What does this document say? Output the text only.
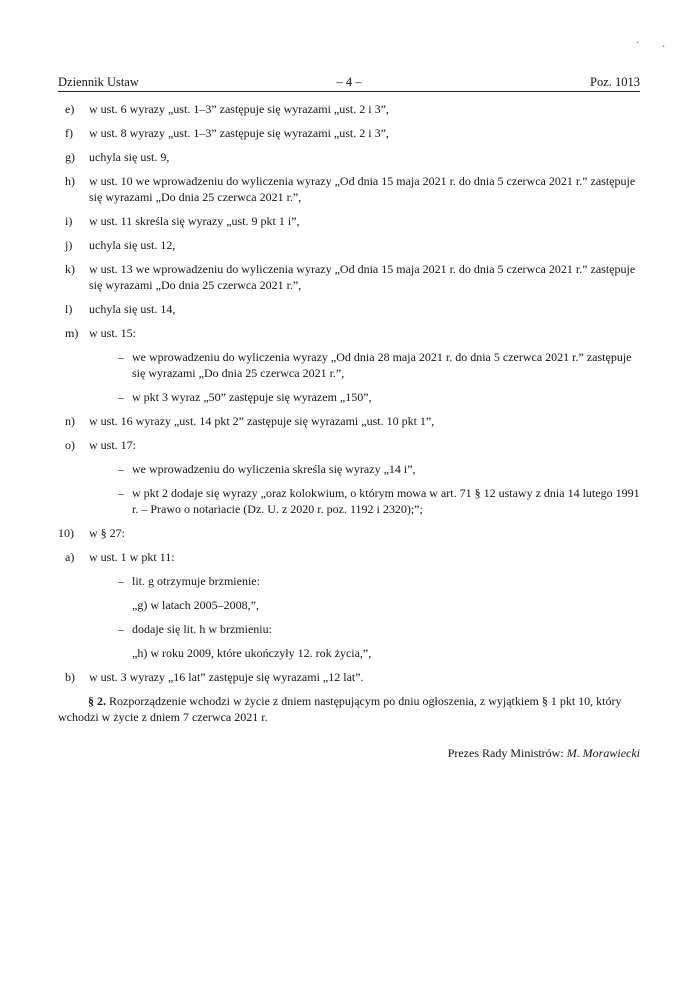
· ·
Dziennik Ustaw	– 4 –	Poz. 1013
e) w ust. 6 wyrazy „ust. 1–3” zastępuje się wyrazami „ust. 2 i 3”,
f) w ust. 8 wyrazy „ust. 1–3” zastępuje się wyrazami „ust. 2 i 3”,
g) uchyla się ust. 9,
h) w ust. 10 we wprowadzeniu do wyliczenia wyrazy „Od dnia 15 maja 2021 r. do dnia 5 czerwca 2021 r.” zastępuje się wyrazami „Do dnia 25 czerwca 2021 r.”,
i) w ust. 11 skreśla się wyrazy „ust. 9 pkt 1 i”,
j) uchyla się ust. 12,
k) w ust. 13 we wprowadzeniu do wyliczenia wyrazy „Od dnia 15 maja 2021 r. do dnia 5 czerwca 2021 r.” zastępuje się wyrazami „Do dnia 25 czerwca 2021 r.”,
l) uchyla się ust. 14,
m) w ust. 15:
– we wprowadzeniu do wyliczenia wyrazy „Od dnia 28 maja 2021 r. do dnia 5 czerwca 2021 r.” zastępuje się wyrazami „Do dnia 25 czerwca 2021 r.”,
– w pkt 3 wyraz „50” zastępuje się wyrazem „150”,
n) w ust. 16 wyrazy „ust. 14 pkt 2” zastępuje się wyrazami „ust. 10 pkt 1”,
o) w ust. 17:
– we wprowadzeniu do wyliczenia skreśla się wyrazy „14 i”,
– w pkt 2 dodaje się wyrazy „oraz kolokwium, o którym mowa w art. 71 § 12 ustawy z dnia 14 lutego 1991 r. – Prawo o notariacie (Dz. U. z 2020 r. poz. 1192 i 2320);”;
10) w § 27:
a) w ust. 1 w pkt 11:
– lit. g otrzymuje brzmienie:
„g) w latach 2005–2008,”,
– dodaje się lit. h w brzmieniu:
„h) w roku 2009, które ukończyły 12. rok życia,”,
b) w ust. 3 wyrazy „16 lat” zastępuje się wyrazami „12 lat”.

§ 2. Rozporządzenie wchodzi w życie z dniem następującym po dniu ogłoszenia, z wyjątkiem § 1 pkt 10, który wchodzi w życie z dniem 7 czerwca 2021 r.

Prezes Rady Ministrów: M. Morawiecki
